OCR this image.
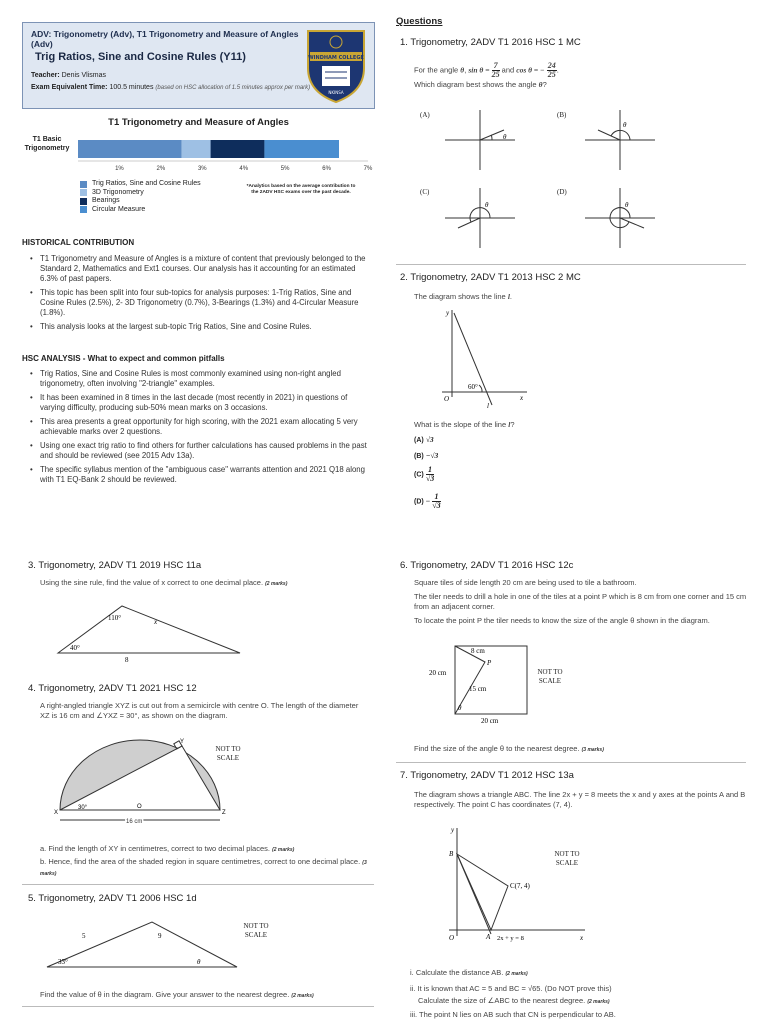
ADV: Trigonometry (Adv), T1 Trigonometry and Measure of Angles (Adv)
Trig Ratios, Sine and Cosine Rules (Y11)
Teacher: Denis Vlismas
Exam Equivalent Time: 100.5 minutes (based on HSC allocation of 1.5 minutes approx per mark)
WINDHAM COLLEGE
NKINSA
T1 Trigonometry and Measure of Angles
T1 Basic Trigonometry
1%	2%	3%	4%	5%	6%	7%
Trig Ratios, Sine and Cosine Rules
3D Trigonometry
Bearings
Circular Measure
*Analytics based on the average contribution to the 2ADV HSC exams over the past decade.
HISTORICAL CONTRIBUTION
• T1 Trigonometry and Measure of Angles is a mixture of content that previously belonged to the Standard 2, Mathematics and Ext1 courses. Our analysis has it accounting for an estimated 6.3% of past papers.
• This topic has been split into four sub-topics for analysis purposes: 1-Trig Ratios, Sine and Cosine Rules (2.5%), 2- 3D Trigonometry (0.7%), 3-Bearings (1.3%) and 4-Circular Measure (1.8%).
• This analysis looks at the largest sub-topic Trig Ratios, Sine and Cosine Rules.
HSC ANALYSIS - What to expect and common pitfalls
• Trig Ratios, Sine and Cosine Rules is most commonly examined using non-right angled trigonometry, often involving "2-triangle" examples.
• It has been examined in 8 times in the last decade (most recently in 2021) in questions of varying difficulty, producing sub-50% mean marks on 3 occasions.
• This area presents a great opportunity for high scoring, with the 2021 exam allocating 5 very achievable marks over 2 questions.
• Using one exact trig ratio to find others for further calculations has caused problems in the past and should be reviewed (see 2015 Adv 13a).
• The specific syllabus mention of the "ambiguous case" warrants attention and 2021 Q18 along with T1 EQ-Bank 2 should be reviewed.
Questions
1. Trigonometry, 2ADV T1 2016 HSC 1 MC
For the angle θ, $\sin \theta = \frac{7}{25}$ and cos θ = − $\frac{24}{25}$ .
Which diagram best shows the angle θ?
(A)	(B)
(C)	(D)
θ
θ
θ	θ
2. Trigonometry, 2ADV T1 2013 HSC 2 MC
The diagram shows the line l.
y
x
O
60°
l
What is the slope of the line l?
(A) √3
(B) −√3
$(C) \frac{1}{√3}$
$(D) - \frac{1}{√3}$
3. Trigonometry, 2ADV T1 2019 HSC 11a
Using the sine rule, find the value of x correct to one decimal place. (2 marks)
110°
40°
x
8
4. Trigonometry, 2ADV T1 2021 HSC 12
A right-angled triangle XYZ is cut out from a semicircle with centre O. The length of the diameter XZ is 16 cm and ∠YXZ = 30°, as shown on the diagram.
X	Z
Y
O
30°
16 cm
NOT TO SCALE
a. Find the length of XY in centimetres, correct to two decimal places. (2 marks)
b. Hence, find the area of the shaded region in square centimetres, correct to one decimal place. (3 marks)
5. Trigonometry, 2ADV T1 2006 HSC 1d
5	9
33°	θ
NOT TO SCALE
Find the value of θ in the diagram. Give your answer to the nearest degree. (2 marks)
6. Trigonometry, 2ADV T1 2016 HSC 12c
Square tiles of side length 20 cm are being used to tile a bathroom.
The tiler needs to drill a hole in one of the tiles at a point P which is 8 cm from one corner and 15 cm from an adjacent corner.
To locate the point P the tiler needs to know the size of the angle θ shown in the diagram.
8 cm
20 cm
15 cm
20 cm
P
θ
NOT TO SCALE
Find the size of the angle θ to the nearest degree. (3 marks)
7. Trigonometry, 2ADV T1 2012 HSC 13a
The diagram shows a triangle ABC. The line 2x + y = 8 meets the x and y axes at the points A and B respectively. The point C has coordinates (7, 4).
y
x
O
B
A
C(7, 4)
2x + y = 8
NOT TO SCALE
i. Calculate the distance AB. (2 marks)
ii. It is known that AC = 5 and BC = √65. (Do NOT prove this)
Calculate the size of ∠ABC to the nearest degree. (2 marks)
iii. The point N lies on AB such that CN is perpendicular to AB.
